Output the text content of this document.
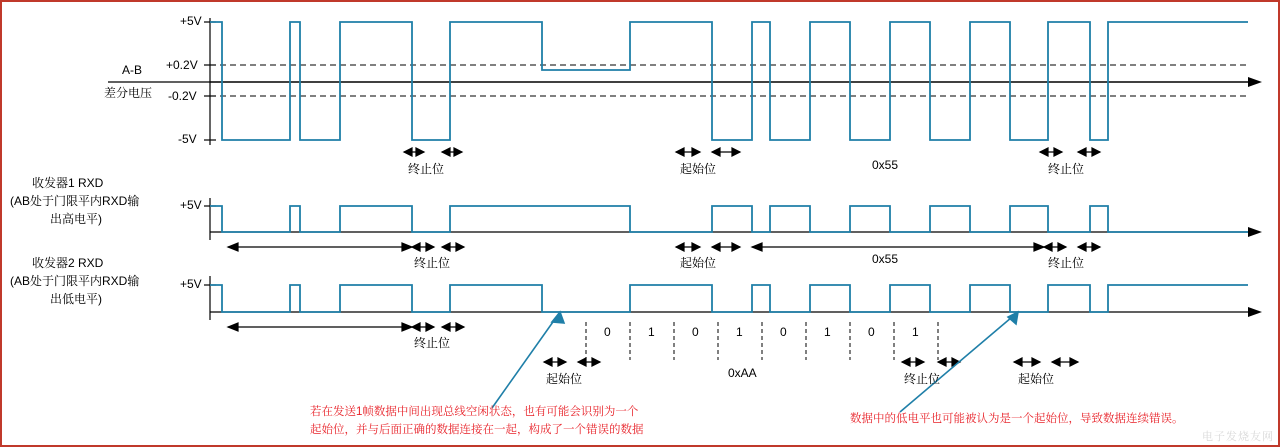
+5V
+0.2V
-0.2V
-5V
+5V
+5V
A-B
差分电压
收发器1 RXD
(AB处于门限平内RXD输
出高电平)
收发器2 RXD
(AB处于门限平内RXD输
出低电平)
终止位	起始位	0x55	终止位
终止位	起始位	0x55	终止位
终止位
起始位	0xAA	终止位	起始位
0	1	0	1	0	1	0	1
若在发送1帧数据中间出现总线空闲状态，也有可能会识别为一个
起始位，并与后面正确的数据连接在一起，构成了一个错误的数据
数据中的低电平也可能被认为是一个起始位，导致数据连续错误。
电子发烧友网
